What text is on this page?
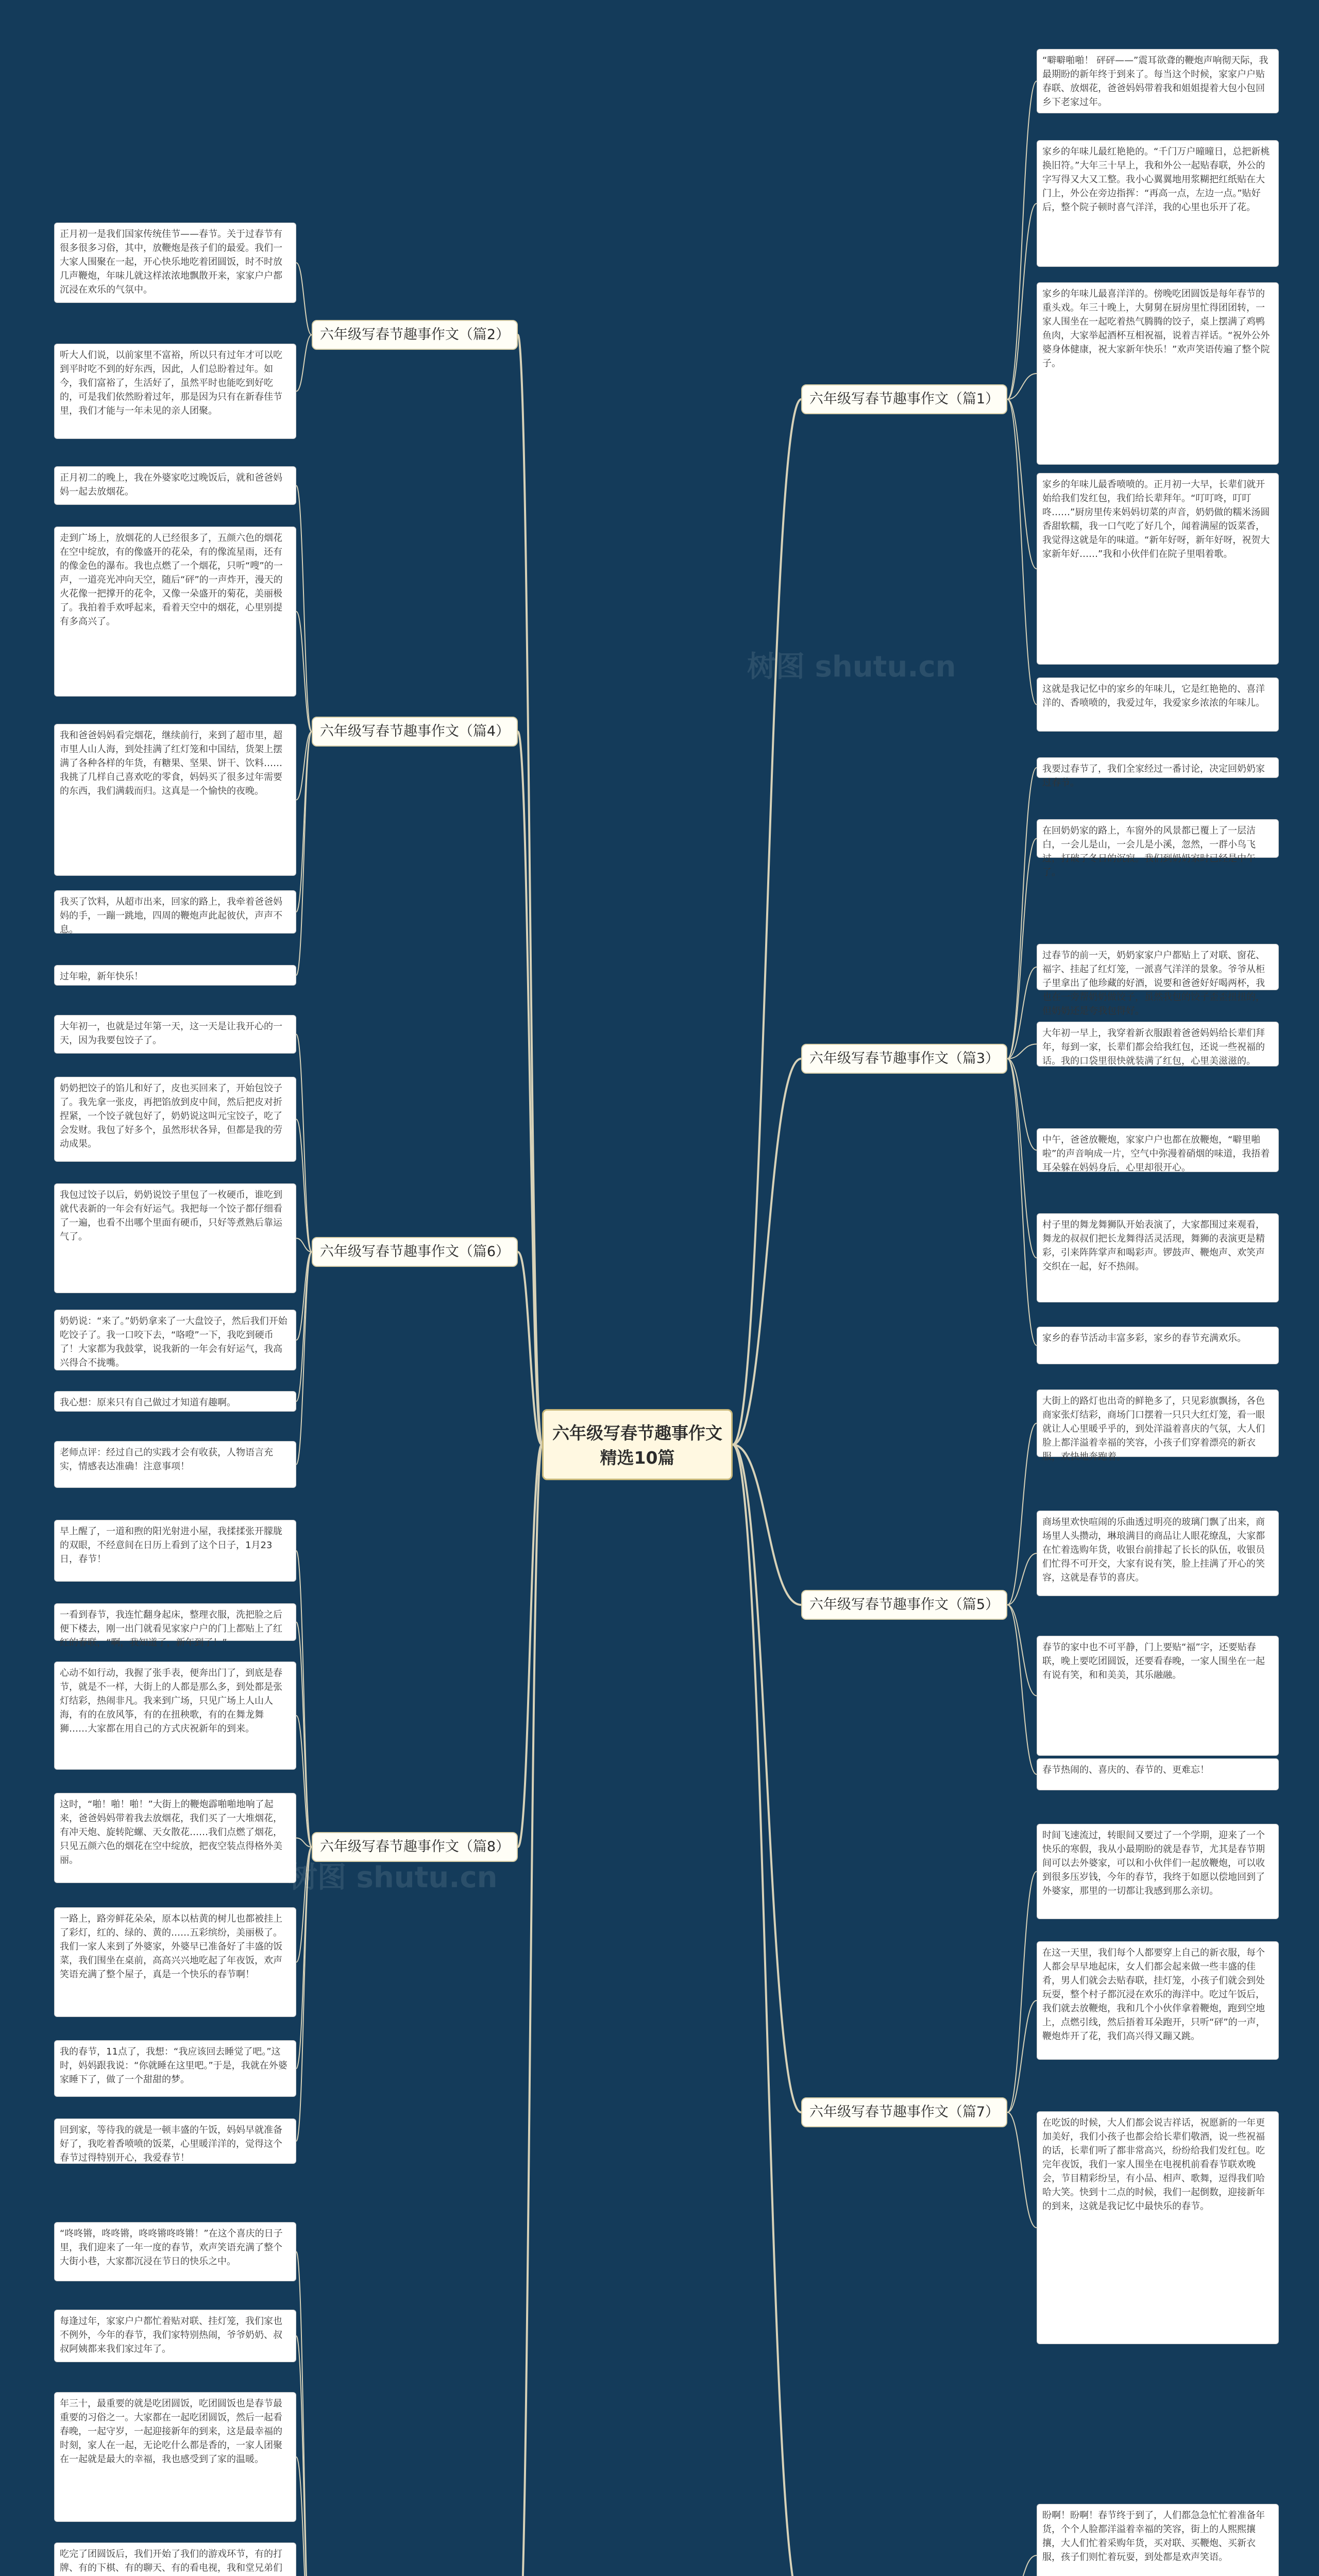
六年级写春节趣事作文精选10篇
六年级写春节趣事作文（篇1）
“噼噼啪啪！ 砰砰——”震耳欲聋的鞭炮声响彻天际，我最期盼的新年终于到来了。每当这个时候，家家户户贴春联、放烟花，爸爸妈妈带着我和姐姐提着大包小包回乡下老家过年。
家乡的年味儿最红艳艳的。“千门万户曈曈日，总把新桃换旧符。”大年三十早上，我和外公一起贴春联，外公的字写得又大又工整。我小心翼翼地用浆糊把红纸贴在大门上，外公在旁边指挥：“再高一点，左边一点。”贴好后，整个院子顿时喜气洋洋，我的心里也乐开了花。
家乡的年味儿最喜洋洋的。傍晚吃团圆饭是每年春节的重头戏。年三十晚上，大舅舅在厨房里忙得团团转，一家人围坐在一起吃着热气腾腾的饺子，桌上摆满了鸡鸭鱼肉，大家举起酒杯互相祝福，说着吉祥话。“祝外公外婆身体健康，祝大家新年快乐！”欢声笑语传遍了整个院子。
家乡的年味儿最香喷喷的。正月初一大早，长辈们就开始给我们发红包，我们给长辈拜年。“叮叮咚，叮叮咚……”厨房里传来妈妈切菜的声音，奶奶做的糯米汤圆香甜软糯，我一口气吃了好几个，闻着满屋的饭菜香，我觉得这就是年的味道。“新年好呀，新年好呀，祝贺大家新年好……”我和小伙伴们在院子里唱着歌。
这就是我记忆中的家乡的年味儿，它是红艳艳的、喜洋洋的、香喷喷的，我爱过年，我爱家乡浓浓的年味儿。
六年级写春节趣事作文（篇2）
正月初一是我们国家传统佳节——春节。关于过春节有很多很多习俗，其中，放鞭炮是孩子们的最爱。我们一大家人围聚在一起，开心快乐地吃着团圆饭，时不时放几声鞭炮，年味儿就这样浓浓地飘散开来，家家户户都沉浸在欢乐的气氛中。
听大人们说，以前家里不富裕，所以只有过年才可以吃到平时吃不到的好东西，因此，人们总盼着过年。如今，我们富裕了，生活好了，虽然平时也能吃到好吃的，可是我们依然盼着过年，那是因为只有在新春佳节里，我们才能与一年未见的亲人团聚。
六年级写春节趣事作文（篇3）
我要过春节了，我们全家经过一番讨论，决定回奶奶家过春节。
在回奶奶家的路上，车窗外的风景都已覆上了一层洁白，一会儿是山，一会儿是小溪，忽然，一群小鸟飞过，打破了冬日的沉寂。我们到奶奶家时已经是中午了。
过春节的前一天，奶奶家家户户都贴上了对联、窗花、福字、挂起了红灯笼，一派喜气洋洋的景象。爷爷从柜子里拿出了他珍藏的好酒，说要和爸爸好好喝两杯，我也在一旁帮奶奶做饺子，虽然我包的饺子歪歪扭扭的，但奶奶还是夸我包得好。
大年初一早上，我穿着新衣服跟着爸爸妈妈给长辈们拜年，每到一家，长辈们都会给我红包，还说一些祝福的话。我的口袋里很快就装满了红包，心里美滋滋的。
中午，爸爸放鞭炮，家家户户也都在放鞭炮，“噼里啪啦”的声音响成一片，空气中弥漫着硝烟的味道，我捂着耳朵躲在妈妈身后，心里却很开心。
村子里的舞龙舞狮队开始表演了，大家都围过来观看，舞龙的叔叔们把长龙舞得活灵活现，舞狮的表演更是精彩，引来阵阵掌声和喝彩声。锣鼓声、鞭炮声、欢笑声交织在一起，好不热闹。
家乡的春节活动丰富多彩，家乡的春节充满欢乐。
六年级写春节趣事作文（篇4）
正月初二的晚上，我在外婆家吃过晚饭后，就和爸爸妈妈一起去放烟花。
走到广场上，放烟花的人已经很多了，五颜六色的烟花在空中绽放，有的像盛开的花朵，有的像流星雨，还有的像金色的瀑布。我也点燃了一个烟花，只听“嗖”的一声，一道亮光冲向天空，随后“砰”的一声炸开，漫天的火花像一把撑开的花伞，又像一朵盛开的菊花，美丽极了。我拍着手欢呼起来，看着天空中的烟花，心里别提有多高兴了。
我和爸爸妈妈看完烟花，继续前行，来到了超市里，超市里人山人海，到处挂满了红灯笼和中国结，货架上摆满了各种各样的年货，有糖果、坚果、饼干、饮料……我挑了几样自己喜欢吃的零食，妈妈买了很多过年需要的东西，我们满载而归。这真是一个愉快的夜晚。
我买了饮料，从超市出来，回家的路上，我牵着爸爸妈妈的手，一蹦一跳地，四周的鞭炮声此起彼伏，声声不息。
过年啦，新年快乐！
六年级写春节趣事作文（篇5）
大街上的路灯也出奇的鲜艳多了，只见彩旗飘扬，各色商家张灯结彩，商场门口摆着一只只大红灯笼，看一眼就让人心里暖乎乎的，到处洋溢着喜庆的气氛，大人们脸上都洋溢着幸福的笑容，小孩子们穿着漂亮的新衣服，欢快地奔跑着。
商场里欢快喧闹的乐曲透过明亮的玻璃门飘了出来，商场里人头攒动，琳琅满目的商品让人眼花缭乱，大家都在忙着选购年货，收银台前排起了长长的队伍，收银员们忙得不可开交，大家有说有笑，脸上挂满了开心的笑容，这就是春节的喜庆。
春节的家中也不可平静，门上要贴“福”字，还要贴春联，晚上要吃团圆饭，还要看春晚，一家人围坐在一起有说有笑，和和美美，其乐融融。
春节热闹的、喜庆的、春节的、更难忘！
六年级写春节趣事作文（篇6）
大年初一，也就是过年第一天，这一天是让我开心的一天，因为我要包饺子了。
奶奶把饺子的馅儿和好了，皮也买回来了，开始包饺子了。我先拿一张皮，再把馅放到皮中间，然后把皮对折捏紧，一个饺子就包好了，奶奶说这叫元宝饺子，吃了会发财。我包了好多个，虽然形状各异，但都是我的劳动成果。
我包过饺子以后，奶奶说饺子里包了一枚硬币，谁吃到就代表新的一年会有好运气。我把每一个饺子都仔细看了一遍，也看不出哪个里面有硬币，只好等煮熟后靠运气了。
奶奶说：“来了。”奶奶拿来了一大盘饺子，然后我们开始吃饺子了。我一口咬下去，“咯噔”一下，我吃到硬币了！大家都为我鼓掌，说我新的一年会有好运气，我高兴得合不拢嘴。
我心想：原来只有自己做过才知道有趣啊。
老师点评：经过自己的实践才会有收获，人物语言充实，情感表达准确！注意事项！
六年级写春节趣事作文（篇7）
时间飞速流过，转眼间又要过了一个学期，迎来了一个快乐的寒假，我从小最期盼的就是春节，尤其是春节期间可以去外婆家，可以和小伙伴们一起放鞭炮，可以收到很多压岁钱，今年的春节，我终于如愿以偿地回到了外婆家，那里的一切都让我感到那么亲切。
在这一天里，我们每个人都要穿上自己的新衣服，每个人都会早早地起床，女人们都会起来做一些丰盛的佳肴，男人们就会去贴春联，挂灯笼，小孩子们就会到处玩耍，整个村子都沉浸在欢乐的海洋中。吃过午饭后，我们就去放鞭炮，我和几个小伙伴拿着鞭炮，跑到空地上，点燃引线，然后捂着耳朵跑开，只听“砰”的一声，鞭炮炸开了花，我们高兴得又蹦又跳。
在吃饭的时候，大人们都会说吉祥话，祝愿新的一年更加美好，我们小孩子也都会给长辈们敬酒，说一些祝福的话，长辈们听了都非常高兴，纷纷给我们发红包。吃完年夜饭，我们一家人围坐在电视机前看春节联欢晚会，节目精彩纷呈，有小品、相声、歌舞，逗得我们哈哈大笑。快到十二点的时候，我们一起倒数，迎接新年的到来，这就是我记忆中最快乐的春节。
六年级写春节趣事作文（篇8）
早上醒了，一道和煦的阳光射进小屋，我揉揉张开朦胧的双眼，不经意间在日历上看到了这个日子，1月23日，春节！
一看到春节，我连忙翻身起床，整理衣服，洗把脸之后便下楼去，刚一出门就看见家家户户的门上都贴上了红红的春联，“啊，我知道了，新年到了！”
心动不如行动，我握了张手表，便奔出门了，到底是春节，就是不一样，大街上的人都是那么多，到处都是张灯结彩，热闹非凡。我来到广场，只见广场上人山人海，有的在放风筝，有的在扭秧歌，有的在舞龙舞狮……大家都在用自己的方式庆祝新年的到来。
这时，“啪！啪！啪！”大街上的鞭炮霹啪啪地响了起来，爸爸妈妈带着我去放烟花，我们买了一大堆烟花，有冲天炮、旋转陀螺、天女散花……我们点燃了烟花，只见五颜六色的烟花在空中绽放，把夜空装点得格外美丽。
一路上，路旁鲜花朵朵，原本以枯黄的树儿也都被挂上了彩灯，红的、绿的、黄的……五彩缤纷，美丽极了。我们一家人来到了外婆家，外婆早已准备好了丰盛的饭菜，我们围坐在桌前，高高兴兴地吃起了年夜饭，欢声笑语充满了整个屋子，真是一个快乐的春节啊！
我的春节，11点了，我想：“我应该回去睡觉了吧。”这时，妈妈跟我说：“你就睡在这里吧。”于是，我就在外婆家睡下了，做了一个甜甜的梦。
回到家，等待我的就是一顿丰盛的午饭，妈妈早就准备好了，我吃着香喷喷的饭菜，心里暖洋洋的，觉得这个春节过得特别开心，我爱春节！
盼啊！盼啊！春节终于到了，人们都急急忙忙着准备年货，个个人脸都洋溢着幸福的笑容，街上的人熙熙攘攘，大人们忙着采购年货，买对联、买鞭炮、买新衣服，孩子们则忙着玩耍，到处都是欢声笑语。
“咚咚锵，咚咚锵，咚咚锵咚咚锵！”在这个喜庆的日子里，我们迎来了一年一度的春节，欢声笑语充满了整个大街小巷，大家都沉浸在节日的快乐之中。
每逢过年，家家户户都忙着贴对联、挂灯笼，我们家也不例外，今年的春节，我们家特别热闹，爷爷奶奶、叔叔阿姨都来我们家过年了。
年三十，最重要的就是吃团圆饭，吃团圆饭也是春节最重要的习俗之一。大家都在一起吃团圆饭，然后一起看春晚，一起守岁，一起迎接新年的到来，这是最幸福的时刻，家人在一起，无论吃什么都是香的，一家人团聚在一起就是最大的幸福，我也感受到了家的温暖。
吃完了团圆饭后，我们开始了我们的游戏环节，有的打牌、有的下棋、有的聊天、有的看电视，我和堂兄弟们
树图 shutu.cn
树图 shutu.cn
